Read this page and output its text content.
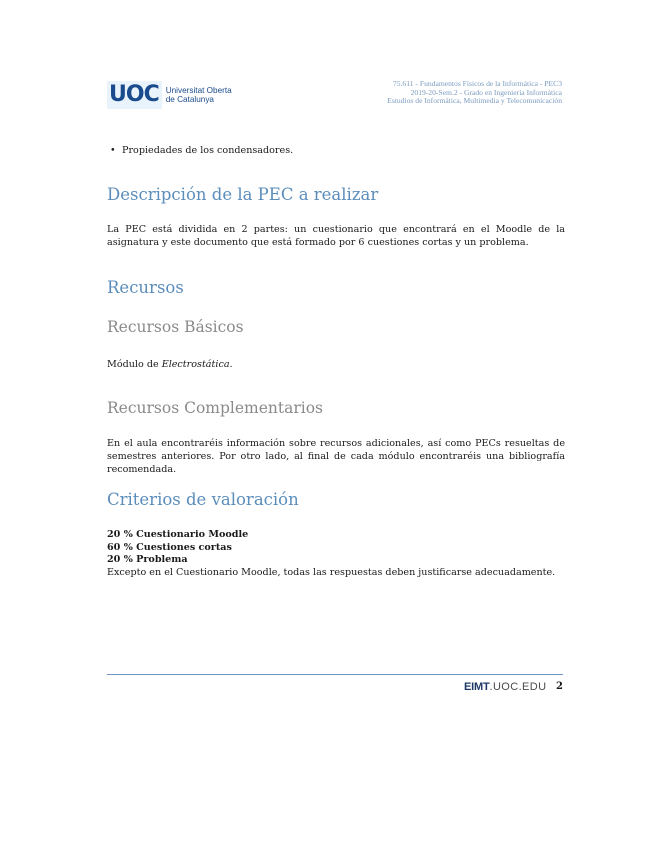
UOC Universitat Oberta
de Catalunya
75.611 - Fundamentos Físicos de la Informática - PEC3
2019-20-Sem.2 - Grado en Ingeniería Informática
Estudios de Informática, Multimedia y Telecomunicación
• Propiedades de los condensadores.
Descripción de la PEC a realizar
La PEC está dividida en 2 partes: un cuestionario que encontrará en el Moodle de la asignatura y este documento que está formado por 6 cuestiones cortas y un problema.
Recursos
Recursos Básicos
Módulo de Electrostática.
Recursos Complementarios
En el aula encontraréis información sobre recursos adicionales, así como PECs resueltas de semestres anteriores. Por otro lado, al final de cada módulo encontraréis una bibliografía recomendada.
Criterios de valoración
20 % Cuestionario Moodle
60 % Cuestiones cortas
20 % Problema
Excepto en el Cuestionario Moodle, todas las respuestas deben justificarse adecuadamente.
EIMT.UOC.EDU 2
